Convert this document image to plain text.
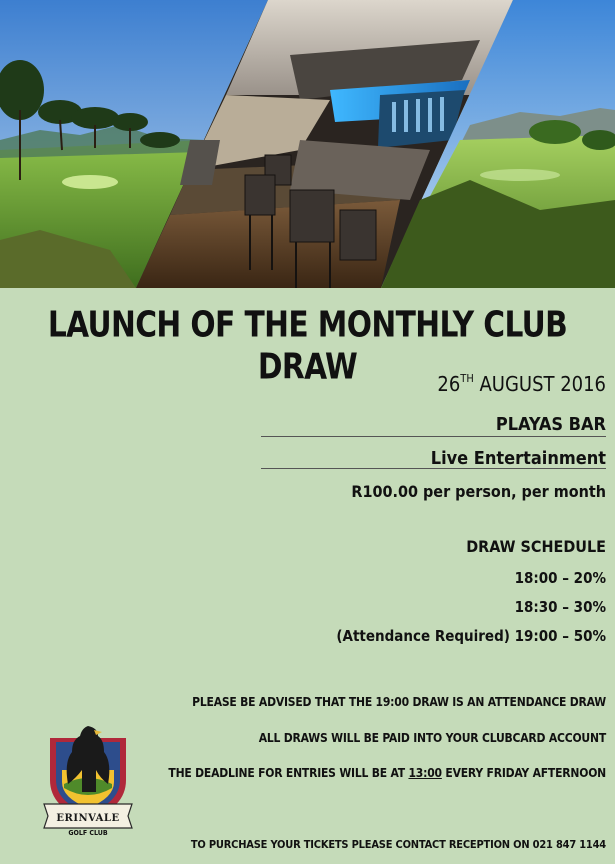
LAUNCH OF THE MONTHLY CLUB DRAW	26TH AUGUST 2016
PLAYAS BAR
Live Entertainment
R100.00 per person, per month
DRAW SCHEDULE
18:00 – 20%
18:30 – 30%
(Attendance Required) 19:00 – 50%
PLEASE BE ADVISED THAT THE 19:00 DRAW IS AN ATTENDANCE DRAW
ALL DRAWS WILL BE PAID INTO YOUR CLUBCARD ACCOUNT
THE DEADLINE FOR ENTRIES WILL BE AT 13:00 EVERY FRIDAY AFTERNOON
ERINVALE
GOLF CLUB
TO PURCHASE YOUR TICKETS PLEASE CONTACT RECEPTION ON 021 847 1144
